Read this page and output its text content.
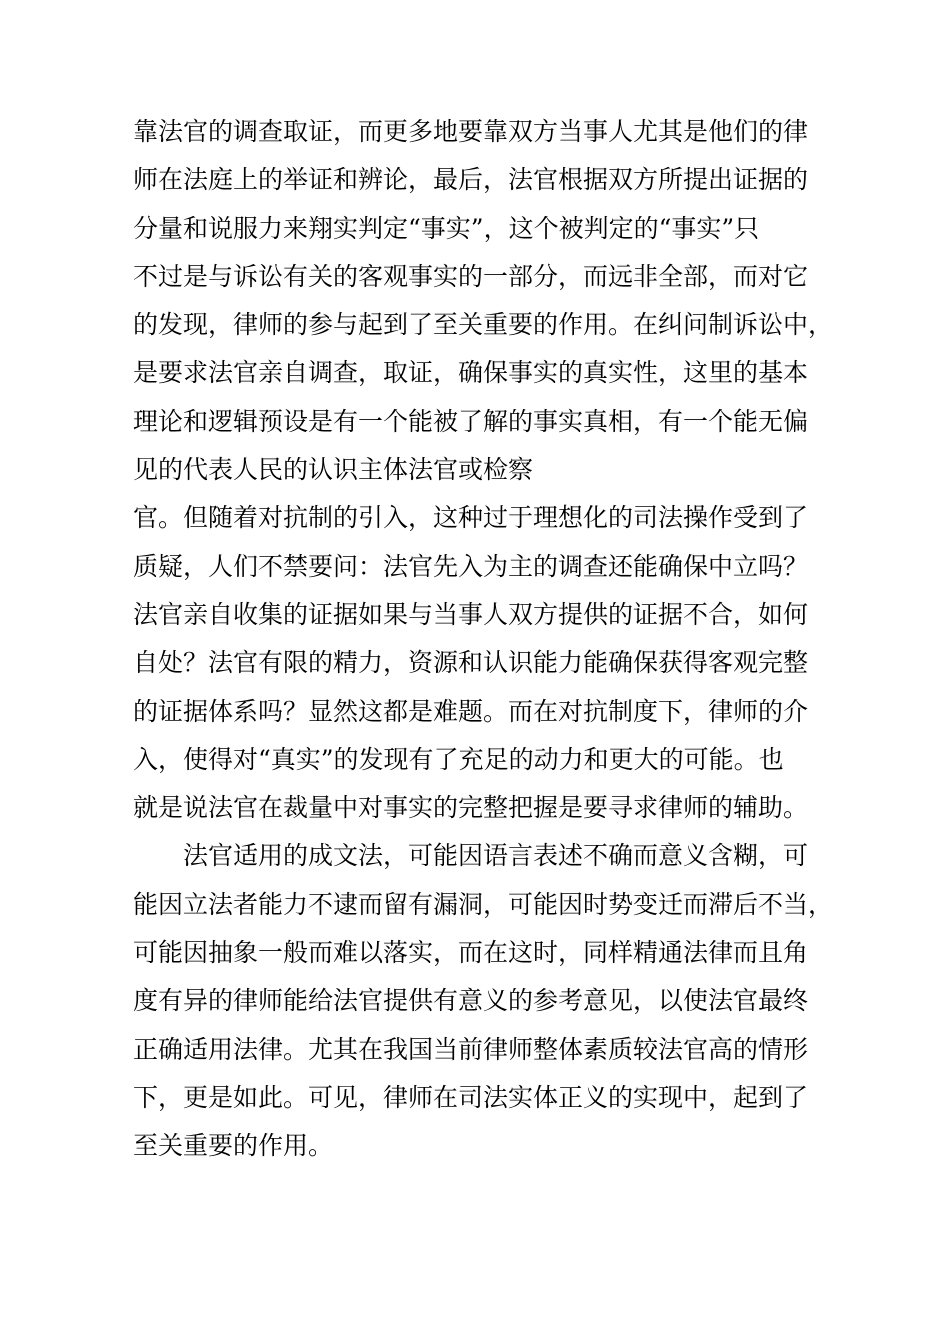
靠法官的调查取证，而更多地要靠双方当事人尤其是他们的律
师在法庭上的举证和辨论，最后，法官根据双方所提出证据的
分量和说服力来翔实判定“事实”，这个被判定的“事实”只
不过是与诉讼有关的客观事实的一部分，而远非全部，而对它
的发现，律师的参与起到了至关重要的作用。在纠问制诉讼中，
是要求法官亲自调查，取证，确保事实的真实性，这里的基本
理论和逻辑预设是有一个能被了解的事实真相，有一个能无偏
见的代表人民的认识主体法官或检察
官。但随着对抗制的引入，这种过于理想化的司法操作受到了
质疑，人们不禁要问：法官先入为主的调查还能确保中立吗？
法官亲自收集的证据如果与当事人双方提供的证据不合，如何
自处？法官有限的精力，资源和认识能力能确保获得客观完整
的证据体系吗？显然这都是难题。而在对抗制度下，律师的介
入，使得对“真实”的发现有了充足的动力和更大的可能。也
就是说法官在裁量中对事实的完整把握是要寻求律师的辅助。
法官适用的成文法，可能因语言表述不确而意义含糊，可
能因立法者能力不逮而留有漏洞，可能因时势变迁而滞后不当，
可能因抽象一般而难以落实，而在这时，同样精通法律而且角
度有异的律师能给法官提供有意义的参考意见，以使法官最终
正确适用法律。尤其在我国当前律师整体素质较法官高的情形
下，更是如此。可见，律师在司法实体正义的实现中，起到了
至关重要的作用。
